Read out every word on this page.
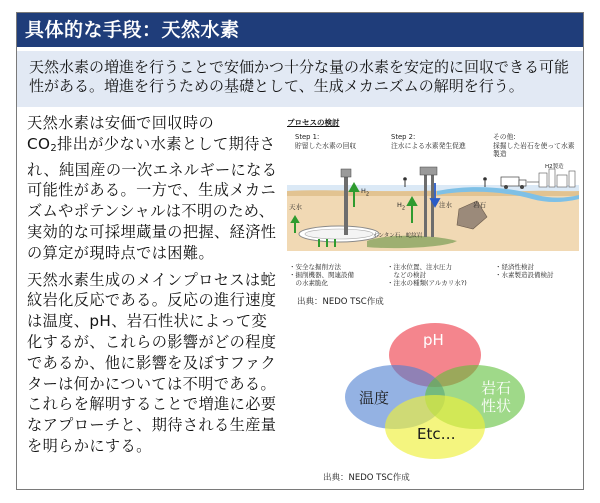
具体的な手段：天然水素
天然水素の増進を行うことで安価かつ十分な量の水素を安定的に回収できる可能性がある。増進を行うための基礎として、生成メカニズムの解明を行う。

天然水素は安価で回収時の
$CO_2$排出が少ない水素として期待され、純国産の一次エネルギーになる可能性がある。一方で、生成メカニズムやポテンシャルは不明のため、実効的な可採埋蔵量の把握、経済性の算定が現時点では困難。

天然水素生成のメインプロセスは蛇紋岩化反応である。反応の進行速度は温度、pH、岩石性状によって変化するが、これらの影響がどの程度であるか、他に影響を及ぼすファクターは何かについては不明である。これらを解明することで増進に必要なアプローチと、期待される生産量を明らかにする。

プロセスの検討
Step 1:
貯留した水素の回収
Step 2:
注水による水素発生促進
その他:
採掘した岩石を使って水素製造
天水
$H_2$
$H_2$	注水	岩石
ホンタン石、蛇紋岩
H2製造
・安全な掘削方法
・掘削機器、関連設備
　の水素脆化
・注水位置、注水圧力
　などの検討
・注水の種類(アルカリ水?)
・経済性検討
・水素製造設備検討
出典：NEDO TSC作成
pH
温度
岩石性状
Etc…
出典：NEDO TSC作成
